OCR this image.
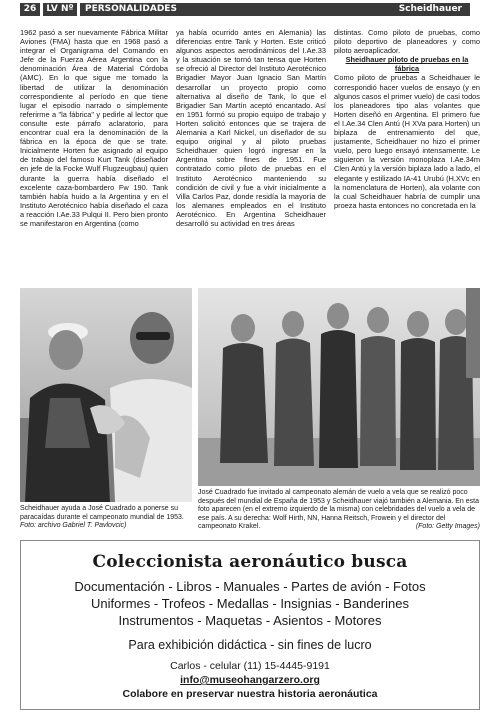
26	LV Nº 87
PERSONALIDADES	Scheidhauer

1962 pasó a ser nuevamente Fábrica Militar Aviones (FMA) hasta que en 1968 pasó a integrar el Organigrama del Comando en Jefe de la Fuerza Aérea Argentina con la denominación Área de Material Córdoba (AMC). En lo que sigue me tomado la libertad de utilizar la denominación correspondiente al período en que tiene lugar el episodio narrado o simplemente referirme a "la fábrica" y pedirle al lector que consulte este párrafo aclaratorio, para encontrar cual era la denominación de la fábrica en la época de que se trate. Inicialmente Horten fue asignado al equipo de trabajo del famoso Kurt Tank (diseñador en jefe de la Focke Wulf Flugzeugbau) quien durante la guerra había diseñado el excelente caza-bombardero Fw 190. Tank también había huido a la Argentina y en el Instituto Aerotécnico había diseñado el caza a reacción I.Ae.33 Pulqui II. Pero bien pronto se manifestaron en Argentina (como

ya había ocurrido antes en Alemania) las diferencias entre Tank y Horten. Este criticó algunos aspectos aerodinámicos del I.Ae.33 y la situación se tornó tan tensa que Horten se ofreció al Director del Instituto Aerotécnico Brigadier Mayor Juan Ignacio San Martín desarrollar un proyecto propio como alternativa al diseño de Tank, lo que el Brigadier San Martín aceptó encantado. Así en 1951 formó su propio equipo de trabajo y Horten solicitó entonces que se trajera de Alemania a Karl Nickel, un diseñador de su equipo original y al piloto pruebas Scheidhauer quien logró ingresar en la Argentina sobre fines de 1951. Fue contratado como piloto de pruebas en el Instituto Aerotécnico manteniendo su condición de civil y fue a vivir inicialmente a Villa Carlos Paz, donde residía la mayoría de los alemanes empleados en el Instituto Aerotécnico. En Argentina Scheidhauer desarrolló su actividad en tres áreas

distintas. Como piloto de pruebas, como piloto deportivo de planeadores y como piloto aeroaplicador.

Sheidhauer piloto de pruebas en la fábrica

Como piloto de pruebas a Scheidhauer le correspondió hacer vuelos de ensayo (y en algunos casos el primer vuelo) de casi todos los planeadores tipo alas volantes que Horten diseñó en Argentina. El primero fue el I.Ae.34 Clen Antú (H XVa para Horten) un biplaza de entrenamiento del que, justamente, Scheidhauer no hizo el primer vuelo, pero luego ensayó intensamente. Le siguieron la versión monoplaza I.Ae.34m Clen Antú y la versión biplaza lado a lado, el elegante y estilizado IA-41 Urubú (H.XVc en la nomenclatura de Horten), ala volante con la cual Scheidhauer habría de cumplir una proeza hasta entonces no concretada en la

Scheidhauer ayuda a José Cuadrado a ponerse su paracaídas durante el campeonato mundial de 1953. Foto: archivo Gabriel T. Pavlovcic)
José Cuadrado fue invitado al campeonato alemán de vuelo a vela que se realizó poco después del mundial de España de 1953 y Scheidhauer viajó también a Alemania. En esta foto aparecen (en el extremo izquierdo de la misma) con celebridades del vuelo a vela de ese país. A su derecha: Wolf Hirth, NN, Hanna Reitsch, Frowein y el director del campeonato Krakel.	(Foto: Getty Images)
Coleccionista aeronáutico busca
Documentación - Libros - Manuales - Partes de avión - Fotos
Uniformes - Trofeos - Medallas - Insignias - Banderines
Instrumentos - Maquetas - Asientos - Motores
Para exhibición didáctica - sin fines de lucro
Carlos - celular (11) 15-4445-9191
info@museohangarzero.org
Colabore en preservar nuestra historia aeronáutica
